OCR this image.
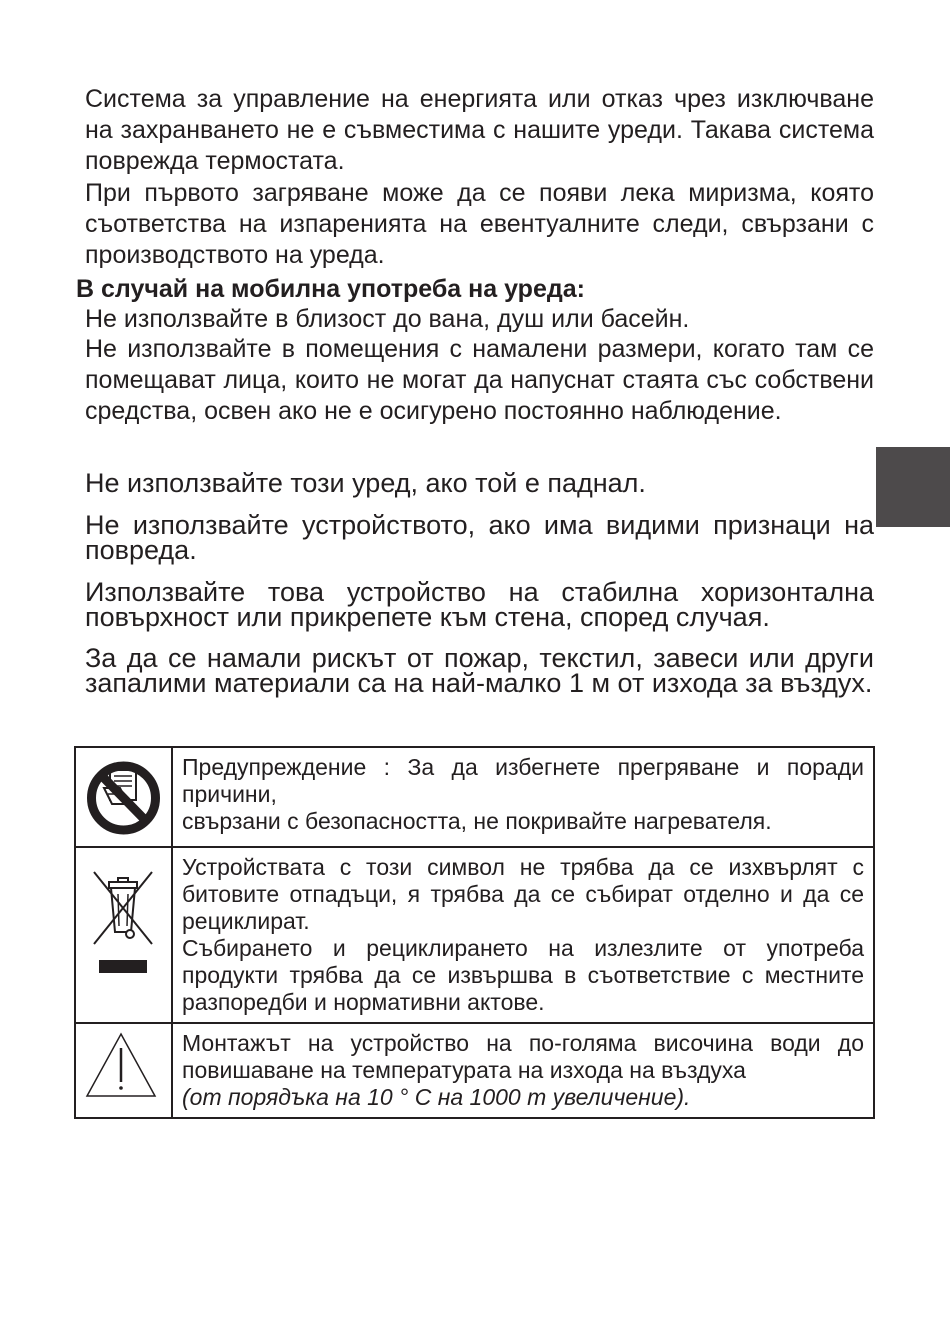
Система за управление на енергията или отказ чрез изключване на захранването не е съвместима с нашите уреди. Такава система поврежда термостата.

При първото загряване може да се появи лека миризма, която съответства на изпаренията на евентуалните следи, свързани с производството на уреда.

В случай на мобилна употреба на уреда:

Не използвайте в близост до вана, душ или басейн.

Не използвайте в помещения с намалени размери, когато там се помещават лица, които не могат да напуснат стаята със собствени средства, освен ако не е осигурено постоянно наблюдение.

Не използвайте този уред, ако той е паднал.

Не използвайте устройството, ако има видими признаци на повреда.

Използвайте това устройство на стабилна хоризонтална повърхност или прикрепете към стена, според случая.

За да се намали рискът от пожар, текстил, завеси или други запалими материали са на най-малко 1 м от изхода за въздух.

Предупреждение : За да избегнете прегряване и поради причини,

свързани с безопасността, не покривайте нагревателя.

Устройствата с този символ не трябва да се изхвърлят с битовите отпадъци, я трябва да се събират отделно и да се рециклират.

Събирането и рециклирането на излезлите от употреба продукти трябва да се извършва в съответствие с местните разпоредби и нормативни актове.

Монтажът на устройство на по-голяма височина води до повишаване на температурата на изхода на въздуха

(от порядъка на 10 ° C на 1000 m увеличение).
